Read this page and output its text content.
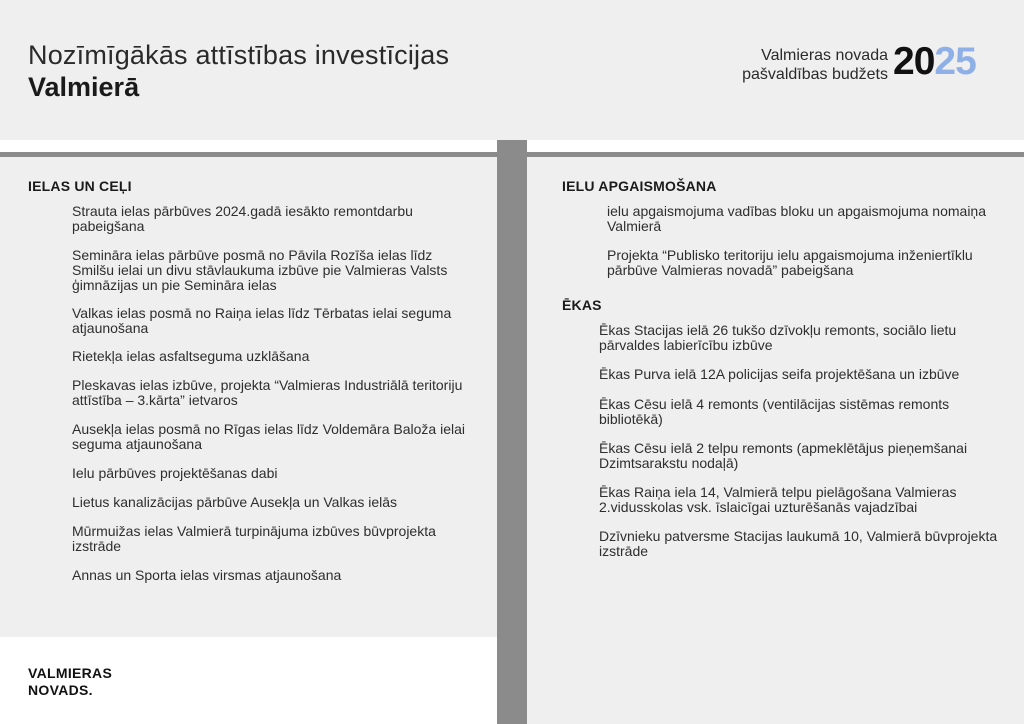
Nozīmīgākās attīstības investīcijas
Valmierā
Valmieras novada
pašvaldības budžets 2025
IELAS UN CEĻI
Strauta ielas pārbūves 2024.gadā iesākto remontdarbu pabeigšana
Semināra ielas pārbūve posmā no Pāvila Rozīša ielas līdz Smilšu ielai un divu stāvlaukuma izbūve pie Valmieras Valsts ģimnāzijas un pie Semināra ielas
Valkas ielas posmā no Raiņa ielas līdz Tērbatas ielai seguma atjaunošana
Rietekļa ielas asfaltseguma uzklāšana
Pleskavas ielas izbūve, projekta “Valmieras Industriālā teritoriju attīstība – 3.kārta” ietvaros
Ausekļa ielas posmā no Rīgas ielas līdz Voldemāra Baloža ielai seguma atjaunošana
Ielu pārbūves projektēšanas dabi
Lietus kanalizācijas pārbūve Ausekļa un Valkas ielās
Mūrmuižas ielas Valmierā turpinājuma izbūves būvprojekta izstrāde
Annas un Sporta ielas virsmas atjaunošana
IELU APGAISMOŠANA
ielu apgaismojuma vadības bloku un apgaismojuma nomaiņa Valmierā
Projekta “Publisko teritoriju ielu apgaismojuma inženiertīklu pārbūve Valmieras novadā” pabeigšana
ĒKAS
Ēkas Stacijas ielā 26 tukšo dzīvokļu remonts, sociālo lietu pārvaldes labierīcību izbūve
Ēkas Purva ielā 12A policijas seifa projektēšana un izbūve
Ēkas Cēsu ielā 4 remonts (ventilācijas sistēmas remonts bibliotēkā)
Ēkas Cēsu ielā 2 telpu remonts (apmeklētājus pieņemšanai Dzimtsarakstu nodaļā)
Ēkas Raiņa iela 14, Valmierā telpu pielāgošana Valmieras 2.vidusskolas vsk. īslaicīgai uzturēšanās vajadzībai
Dzīvnieku patversme Stacijas laukumā 10, Valmierā būvprojekta izstrāde
VALMIERAS
NOVADS.
